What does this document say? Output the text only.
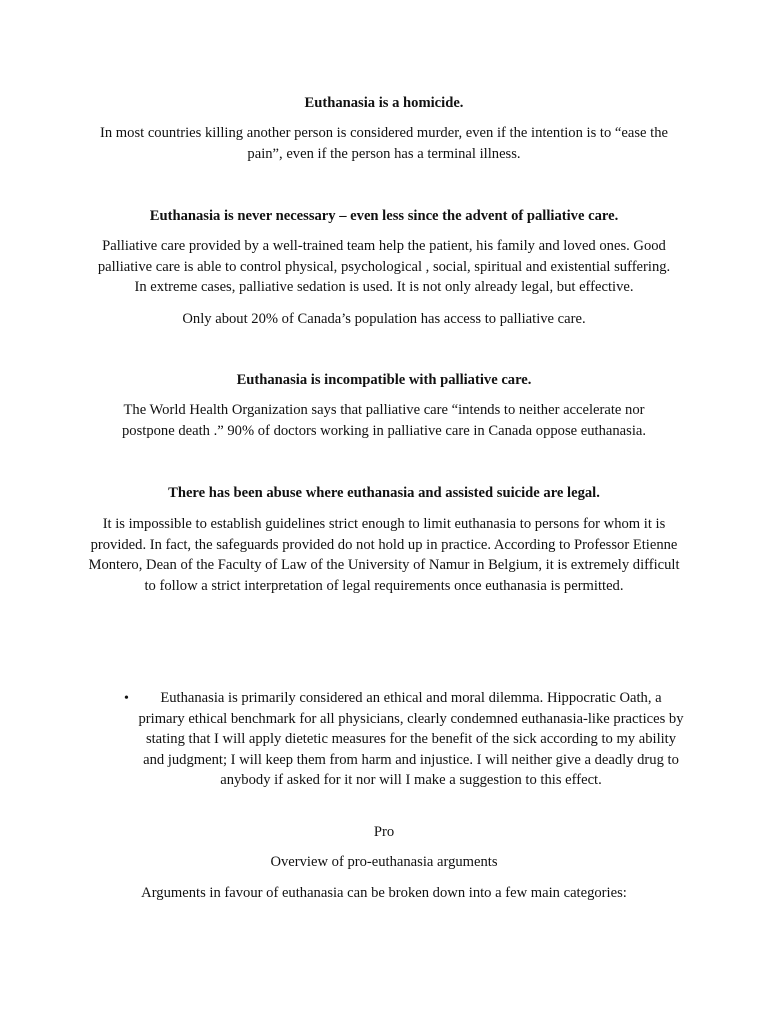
Euthanasia is a homicide.

In most countries killing another person is considered murder, even if the intention is to “ease the pain”, even if the person has a terminal illness.

Euthanasia is never necessary – even less since the advent of palliative care.

Palliative care provided by a well-trained team help the patient, his family and loved ones. Good palliative care is able to control physical, psychological , social, spiritual and existential suffering. In extreme cases, palliative sedation is used. It is not only already legal, but effective.

Only about 20% of Canada’s population has access to palliative care.

Euthanasia is incompatible with palliative care.

The World Health Organization says that palliative care “intends to neither accelerate nor postpone death .” 90% of doctors working in palliative care in Canada oppose euthanasia.

There has been abuse where euthanasia and assisted suicide are legal.

It is impossible to establish guidelines strict enough to limit euthanasia to persons for whom it is provided. In fact, the safeguards provided do not hold up in practice. According to Professor Etienne Montero, Dean of the Faculty of Law of the University of Namur in Belgium, it is extremely difficult to follow a strict interpretation of legal requirements once euthanasia is permitted.

•	Euthanasia is primarily considered an ethical and moral dilemma. Hippocratic Oath, a primary ethical benchmark for all physicians, clearly condemned euthanasia-like practices by stating that I will apply dietetic measures for the benefit of the sick according to my ability and judgment; I will keep them from harm and injustice. I will neither give a deadly drug to anybody if asked for it nor will I make a suggestion to this effect.
Pro
Overview of pro-euthanasia arguments
Arguments in favour of euthanasia can be broken down into a few main categories:
